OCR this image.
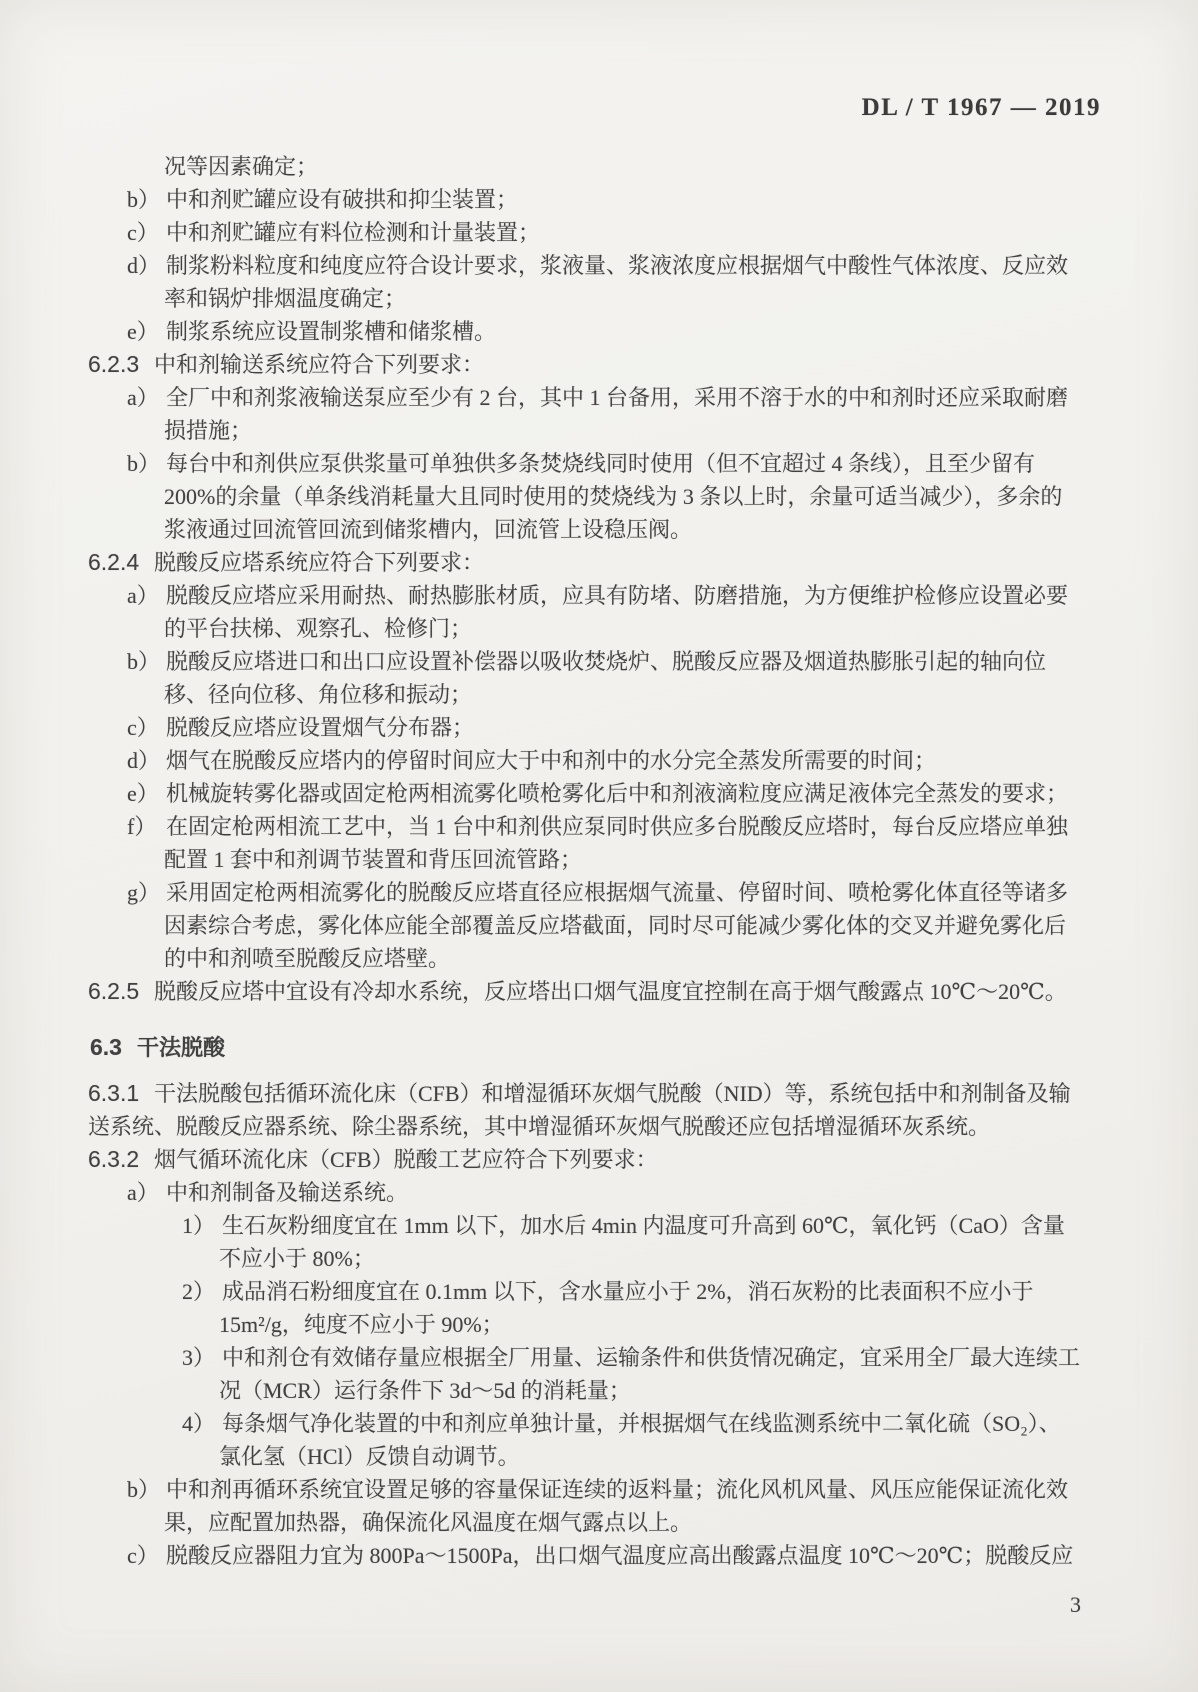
DL / T 1967 — 2019
况等因素确定；
b） 中和剂贮罐应设有破拱和抑尘装置；
c） 中和剂贮罐应有料位检测和计量装置；
d） 制浆粉料粒度和纯度应符合设计要求，浆液量、浆液浓度应根据烟气中酸性气体浓度、反应效
率和锅炉排烟温度确定；
e） 制浆系统应设置制浆槽和储浆槽。
6.2.3 中和剂输送系统应符合下列要求：
a） 全厂中和剂浆液输送泵应至少有 2 台，其中 1 台备用，采用不溶于水的中和剂时还应采取耐磨
损措施；
b） 每台中和剂供应泵供浆量可单独供多条焚烧线同时使用（但不宜超过 4 条线），且至少留有
200%的余量（单条线消耗量大且同时使用的焚烧线为 3 条以上时，余量可适当减少），多余的
浆液通过回流管回流到储浆槽内，回流管上设稳压阀。
6.2.4 脱酸反应塔系统应符合下列要求：
a） 脱酸反应塔应采用耐热、耐热膨胀材质，应具有防堵、防磨措施，为方便维护检修应设置必要
的平台扶梯、观察孔、检修门；
b） 脱酸反应塔进口和出口应设置补偿器以吸收焚烧炉、脱酸反应器及烟道热膨胀引起的轴向位
移、径向位移、角位移和振动；
c） 脱酸反应塔应设置烟气分布器；
d） 烟气在脱酸反应塔内的停留时间应大于中和剂中的水分完全蒸发所需要的时间；
e） 机械旋转雾化器或固定枪两相流雾化喷枪雾化后中和剂液滴粒度应满足液体完全蒸发的要求；
f） 在固定枪两相流工艺中，当 1 台中和剂供应泵同时供应多台脱酸反应塔时，每台反应塔应单独
配置 1 套中和剂调节装置和背压回流管路；
g） 采用固定枪两相流雾化的脱酸反应塔直径应根据烟气流量、停留时间、喷枪雾化体直径等诸多
因素综合考虑，雾化体应能全部覆盖反应塔截面，同时尽可能减少雾化体的交叉并避免雾化后
的中和剂喷至脱酸反应塔壁。
6.2.5 脱酸反应塔中宜设有冷却水系统，反应塔出口烟气温度宜控制在高于烟气酸露点 10℃～20℃。
6.3 干法脱酸
6.3.1 干法脱酸包括循环流化床（CFB）和增湿循环灰烟气脱酸（NID）等，系统包括中和剂制备及输
送系统、脱酸反应器系统、除尘器系统，其中增湿循环灰烟气脱酸还应包括增湿循环灰系统。
6.3.2 烟气循环流化床（CFB）脱酸工艺应符合下列要求：
a） 中和剂制备及输送系统。
1） 生石灰粉细度宜在 1mm 以下，加水后 4min 内温度可升高到 60℃，氧化钙（CaO）含量
不应小于 80%；
2） 成品消石粉细度宜在 0.1mm 以下，含水量应小于 2%，消石灰粉的比表面积不应小于
15m²/g，纯度不应小于 90%；
3） 中和剂仓有效储存量应根据全厂用量、运输条件和供货情况确定，宜采用全厂最大连续工
况（MCR）运行条件下 3d～5d 的消耗量；
4） 每条烟气净化装置的中和剂应单独计量，并根据烟气在线监测系统中二氧化硫（SO₂）、
氯化氢（HCl）反馈自动调节。
b） 中和剂再循环系统宜设置足够的容量保证连续的返料量；流化风机风量、风压应能保证流化效
果，应配置加热器，确保流化风温度在烟气露点以上。
c） 脱酸反应器阻力宜为 800Pa～1500Pa，出口烟气温度应高出酸露点温度 10℃～20℃；脱酸反应
3
